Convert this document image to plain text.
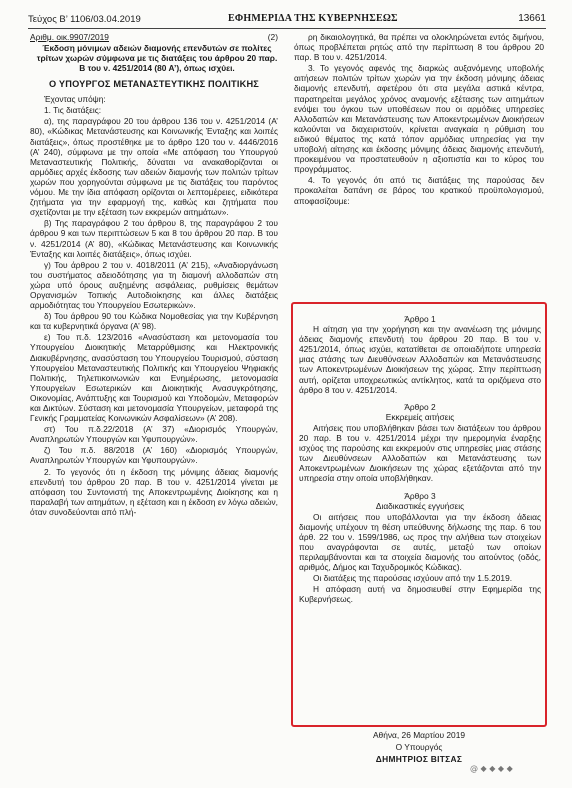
Τεύχος Β’ 1106/03.04.2019	ΕΦΗΜΕΡΙΔΑ ΤΗΣ ΚΥΒΕΡΝΗΣΕΩΣ	13661
Αριθμ. οικ.9907/2019	(2)

Έκδοση μόνιμων αδειών διαμονής επενδυτών σε πολίτες τρίτων χωρών σύμφωνα με τις διατάξεις του άρθρου 20 παρ. Β του ν. 4251/2014 (80 Α’), όπως ισχύει.

Ο ΥΠΟΥΡΓΟΣ ΜΕΤΑΝΑΣΤΕΥΤΙΚΗΣ ΠΟΛΙΤΙΚΗΣ

Έχοντας υπόψη:

1. Τις διατάξεις:

α), της παραγράφου 20 του άρθρου 136 του ν. 4251/2014 (Α’ 80), «Κώδικας Μετανάστευσης και Κοινωνικής Ένταξης και λοιπές διατάξεις», όπως προστέθηκε με το άρθρο 120 του ν. 4446/2016 (Α’ 240), σύμφωνα με την οποία «Με απόφαση του Υπουργού Μεταναστευτικής Πολιτικής, δύναται να ανακαθορίζονται οι αρμόδιες αρχές έκδοσης των αδειών διαμονής των πολιτών τρίτων χωρών που χορηγούνται σύμφωνα με τις διατάξεις του παρόντος νόμου. Με την ίδια απόφαση ορίζονται οι λεπτομέρειες, ειδικότερα ζητήματα για την εφαρμογή της, καθώς και ζητήματα που σχετίζονται με την εξέταση των εκκρεμών αιτημάτων».

β) Της παραγράφου 2 του άρθρου 8, της παραγράφου 2 του άρθρου 9 και των περιπτώσεων 5 και 8 του άρθρου 20 παρ. Β του ν. 4251/2014 (Α’ 80), «Κώδικας Μετανάστευσης και Κοινωνικής Ένταξης και λοιπές διατάξεις», όπως ισχύει.

γ) Του άρθρου 2 του ν. 4018/2011 (Α’ 215), «Αναδιοργάνωση του συστήματος αδειοδότησης για τη διαμονή αλλοδαπών στη χώρα υπό όρους αυξημένης ασφάλειας, ρυθμίσεις θεμάτων Οργανισμών Τοπικής Αυτοδιοίκησης και άλλες διατάξεις αρμοδιότητας του Υπουργείου Εσωτερικών».

δ) Του άρθρου 90 του Κώδικα Νομοθεσίας για την Κυβέρνηση και τα κυβερνητικά όργανα (Α’ 98).

ε) Του π.δ. 123/2016 «Ανασύσταση και μετονομασία του Υπουργείου Διοικητικής Μεταρρύθμισης και Ηλεκτρονικής Διακυβέρνησης, ανασύσταση του Υπουργείου Τουρισμού, σύσταση Υπουργείου Μεταναστευτικής Πολιτικής και Υπουργείου Ψηφιακής Πολιτικής, Τηλεπικοινωνιών και Ενημέρωσης, μετονομασία Υπουργείων Εσωτερικών και Διοικητικής Ανασυγκρότησης, Οικονομίας, Ανάπτυξης και Τουρισμού και Υποδομών, Μεταφορών και Δικτύων. Σύσταση και μετονομασία Υπουργείων, μεταφορά της Γενικής Γραμματείας Κοινωνικών Ασφαλίσεων» (Α’ 208).

στ) Του π.δ.22/2018 (Α’ 37) «Διορισμός Υπουργών, Αναπληρωτών Υπουργών και Υφυπουργών».

ζ) Του π.δ. 88/2018 (Α’ 160) «Διορισμός Υπουργών, Αναπληρωτών Υπουργών και Υφυπουργών».

2. Το γεγονός ότι η έκδοση της μόνιμης άδειας διαμονής επενδυτή του άρθρου 20 παρ. Β του ν. 4251/2014 γίνεται με απόφαση του Συντονιστή της Αποκεντρωμένης Διοίκησης και η παραλαβή των αιτημάτων, η εξέταση και η έκδοση εν λόγω αδειών, όταν συνοδεύονται από πλή-

ρη δικαιολογητικά, θα πρέπει να ολοκληρώνεται εντός διμήνου, όπως προβλέπεται ρητώς από την περίπτωση 8 του άρθρου 20 παρ. Β του ν. 4251/2014.

3. Το γεγονός αφενός της διαρκώς αυξανόμενης υποβολής αιτήσεων πολιτών τρίτων χωρών για την έκδοση μόνιμης άδειας διαμονής επενδυτή, αφετέρου ότι στα μεγάλα αστικά κέντρα, παρατηρείται μεγάλος χρόνος αναμονής εξέτασης των αιτημάτων ενόψει του όγκου των υποθέσεων που οι αρμόδιες υπηρεσίες Αλλοδαπών και Μετανάστευσης των Αποκεντρωμένων Διοικήσεων καλούνται να διαχειριστούν, κρίνεται αναγκαία η ρύθμιση του ειδικού θέματος της κατά τόπον αρμόδιας υπηρεσίας για την υποβολή αίτησης και έκδοσης μόνιμης άδειας διαμονής επενδυτή, προκειμένου να προστατευθούν η αξιοπιστία και το κύρος του προγράμματος.

4. Το γεγονός ότι από τις διατάξεις της παρούσας δεν προκαλείται δαπάνη σε βάρος του κρατικού προϋπολογισμού, αποφασίζουμε:

Άρθρο 1

Η αίτηση για την χορήγηση και την ανανέωση της μόνιμης άδειας διαμονής επενδυτή του άρθρου 20 παρ. Β του ν. 4251/2014, όπως ισχύει, κατατίθεται σε οποιαδήποτε υπηρεσία μιας στάσης των Διευθύνσεων Αλλοδαπών και Μετανάστευσης των Αποκεντρωμένων Διοικήσεων της χώρας. Στην περίπτωση αυτή, ορίζεται υποχρεωτικώς αντίκλητος, κατά τα οριζόμενα στο άρθρο 8 του ν. 4251/2014.

Άρθρο 2

Εκκρεμείς αιτήσεις

Αιτήσεις που υποβλήθηκαν βάσει των διατάξεων του άρθρου 20 παρ. Β του ν. 4251/2014 μέχρι την ημερομηνία έναρξης ισχύος της παρούσης και εκκρεμούν στις υπηρεσίες μιας στάσης των Διευθύνσεων Αλλοδαπών και Μετανάστευσης των Αποκεντρωμένων Διοικήσεων της χώρας εξετάζονται από την υπηρεσία στην οποία υποβλήθηκαν.

Άρθρο 3

Διαδικαστικές εγγυήσεις

Οι αιτήσεις που υποβάλλονται για την έκδοση άδειας διαμονής υπέχουν τη θέση υπεύθυνης δήλωσης της παρ. 6 του άρθ. 22 του ν. 1599/1986, ως προς την αλήθεια των στοιχείων που αναγράφονται σε αυτές, μεταξύ των οποίων περιλαμβάνονται και τα στοιχεία διαμονής του αιτούντος (οδός, αριθμός, Δήμος και Ταχυδρομικός Κώδικας).

Οι διατάξεις της παρούσας ισχύουν από την 1.5.2019.

Η απόφαση αυτή να δημοσιευθεί στην Εφημερίδα της Κυβερνήσεως.

Αθήνα, 26 Μαρτίου 2019
Ο Υπουργός
ΔΗΜΗΤΡΙΟΣ ΒΙΤΣΑΣ
@ ◆ ◆ ◆ ◆
